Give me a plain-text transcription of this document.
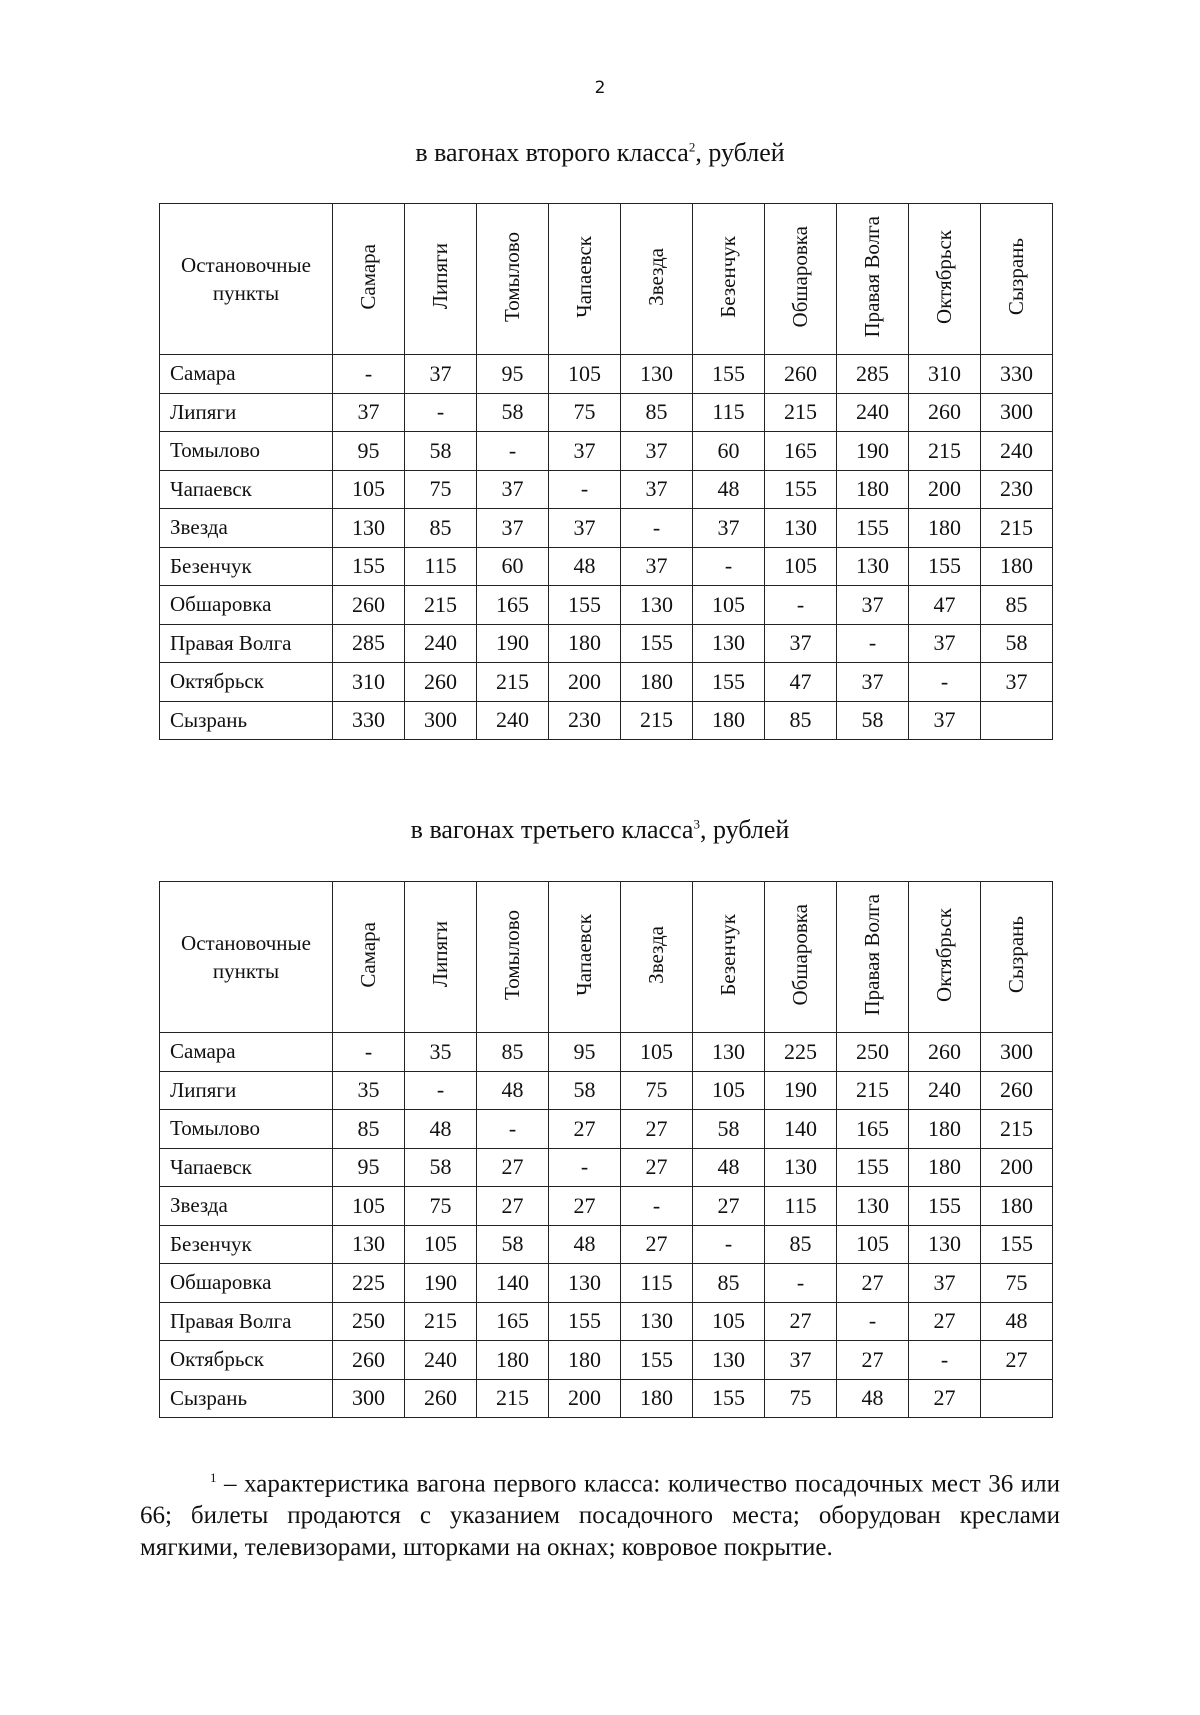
2
в вагонах второго класса$^2$, рублей
Остановочные пункты	Самара	Липяги	Томылово	Чапаевск	Звезда	Безенчук	Обшаровка	Правая Волга	Октябрьск	Сызрань
Самара	-	37	95	105	130	155	260	285	310	330
Липяги	37	-	58	75	85	115	215	240	260	300
Томылово	95	58	-	37	37	60	165	190	215	240
Чапаевск	105	75	37	-	37	48	155	180	200	230
Звезда	130	85	37	37	-	37	130	155	180	215
Безенчук	155	115	60	48	37	-	105	130	155	180
Обшаровка	260	215	165	155	130	105	-	37	47	85
Правая Волга	285	240	190	180	155	130	37	-	37	58
Октябрьск	310	260	215	200	180	155	47	37	-	37
Сызрань	330	300	240	230	215	180	85	58	37	
в вагонах третьего класса$^3$, рублей
Остановочные пункты	Самара	Липяги	Томылово	Чапаевск	Звезда	Безенчук	Обшаровка	Правая Волга	Октябрьск	Сызрань
Самара	-	35	85	95	105	130	225	250	260	300
Липяги	35	-	48	58	75	105	190	215	240	260
Томылово	85	48	-	27	27	58	140	165	180	215
Чапаевск	95	58	27	-	27	48	130	155	180	200
Звезда	105	75	27	27	-	27	115	130	155	180
Безенчук	130	105	58	48	27	-	85	105	130	155
Обшаровка	225	190	140	130	115	85	-	27	37	75
Правая Волга	250	215	165	155	130	105	27	-	27	48
Октябрьск	260	240	180	180	155	130	37	27	-	27
Сызрань	300	260	215	200	180	155	75	48	27	
$^1$ – характеристика вагона первого класса: количество посадочных мест 36 или 66; билеты продаются с указанием посадочного места; оборудован креслами мягкими, телевизорами, шторками на окнах; ковровое покрытие.
